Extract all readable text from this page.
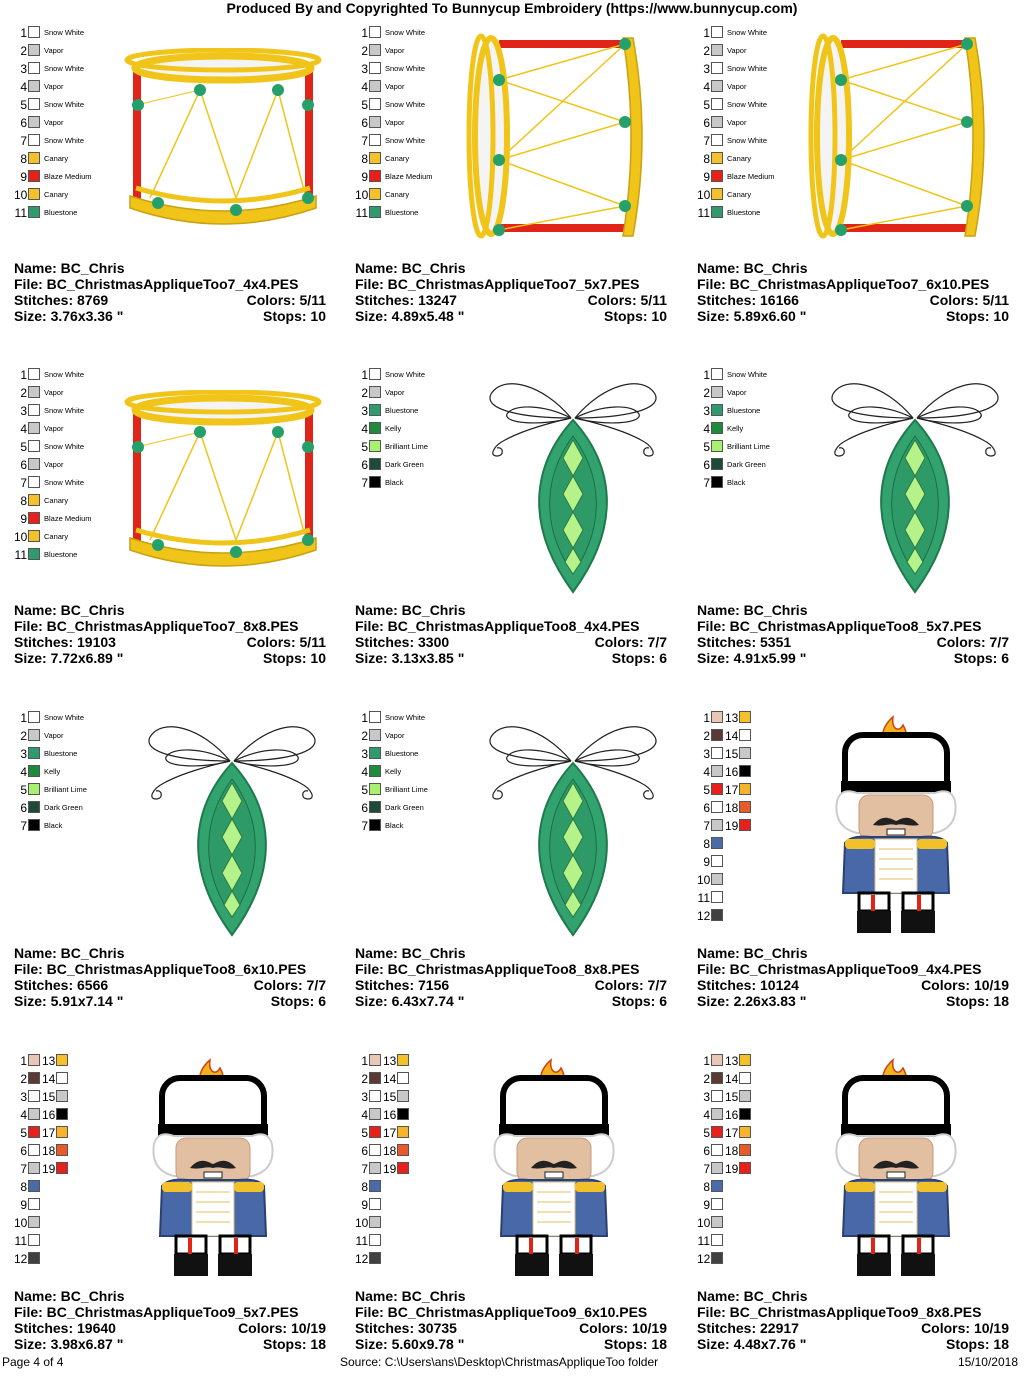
Produced By and Copyrighted To Bunnycup Embroidery (https://www.bunnycup.com)
1 Snow White
2 Vapor
3 Snow White
4 Vapor
5 Snow White
6 Vapor
7 Snow White
8 Canary
9 Blaze Medium
10 Canary
11 Bluestone
Name: BC_Chris
File: BC_ChristmasAppliqueToo7_4x4.PES
Stitches: 8769	Colors: 5/11
Size: 3.76x3.36 "	Stops: 10
1 Snow White
2 Vapor
3 Snow White
4 Vapor
5 Snow White
6 Vapor
7 Snow White
8 Canary
9 Blaze Medium
10 Canary
11 Bluestone
Name: BC_Chris
File: BC_ChristmasAppliqueToo7_5x7.PES
Stitches: 13247	Colors: 5/11
Size: 4.89x5.48 "	Stops: 10
1 Snow White
2 Vapor
3 Snow White
4 Vapor
5 Snow White
6 Vapor
7 Snow White
8 Canary
9 Blaze Medium
10 Canary
11 Bluestone
Name: BC_Chris
File: BC_ChristmasAppliqueToo7_6x10.PES
Stitches: 16166	Colors: 5/11
Size: 5.89x6.60 "	Stops: 10
1 Snow White
2 Vapor
3 Snow White
4 Vapor
5 Snow White
6 Vapor
7 Snow White
8 Canary
9 Blaze Medium
10 Canary
11 Bluestone
Name: BC_Chris
File: BC_ChristmasAppliqueToo7_8x8.PES
Stitches: 19103	Colors: 5/11
Size: 7.72x6.89 "	Stops: 10
1 Snow White
2 Vapor
3 Bluestone
4 Kelly
5 Brilliant Lime
6 Dark Green
7 Black
Name: BC_Chris
File: BC_ChristmasAppliqueToo8_4x4.PES
Stitches: 3300	Colors: 7/7
Size: 3.13x3.85 "	Stops: 6
1 Snow White
2 Vapor
3 Bluestone
4 Kelly
5 Brilliant Lime
6 Dark Green
7 Black
Name: BC_Chris
File: BC_ChristmasAppliqueToo8_5x7.PES
Stitches: 5351	Colors: 7/7
Size: 4.91x5.99 "	Stops: 6
1 Snow White
2 Vapor
3 Bluestone
4 Kelly
5 Brilliant Lime
6 Dark Green
7 Black
Name: BC_Chris
File: BC_ChristmasAppliqueToo8_6x10.PES
Stitches: 6566	Colors: 7/7
Size: 5.91x7.14 "	Stops: 6
1 Snow White
2 Vapor
3 Bluestone
4 Kelly
5 Brilliant Lime
6 Dark Green
7 Black
Name: BC_Chris
File: BC_ChristmasAppliqueToo8_8x8.PES
Stitches: 7156	Colors: 7/7
Size: 6.43x7.74 "	Stops: 6
1
2
3
4
5
6
7
8
9
10
11
12
13
14
15
16
17
18
19
Name: BC_Chris
File: BC_ChristmasAppliqueToo9_4x4.PES
Stitches: 10124	Colors: 10/19
Size: 2.26x3.83 "	Stops: 18
1
2
3
4
5
6
7
8
9
10
11
12
13
14
15
16
17
18
19
Name: BC_Chris
File: BC_ChristmasAppliqueToo9_5x7.PES
Stitches: 19640	Colors: 10/19
Size: 3.98x6.87 "	Stops: 18
1
2
3
4
5
6
7
8
9
10
11
12
13
14
15
16
17
18
19
Name: BC_Chris
File: BC_ChristmasAppliqueToo9_6x10.PES
Stitches: 30735	Colors: 10/19
Size: 5.60x9.78 "	Stops: 18
1
2
3
4
5
6
7
8
9
10
11
12
13
14
15
16
17
18
19
Name: BC_Chris
File: BC_ChristmasAppliqueToo9_8x8.PES
Stitches: 22917	Colors: 10/19
Size: 4.48x7.76 "	Stops: 18
Page 4 of 4	Source: C:\Users\ans\Desktop\ChristmasAppliqueToo folder	15/10/2018
